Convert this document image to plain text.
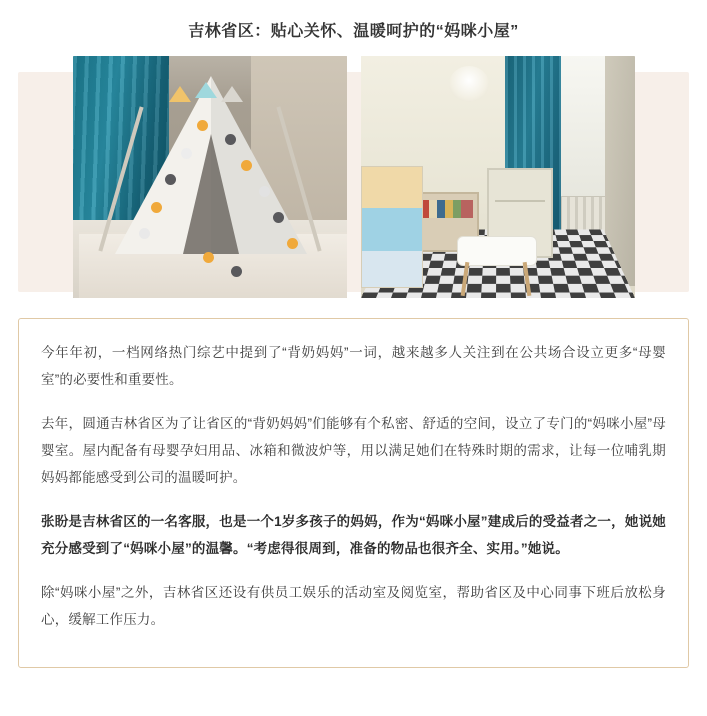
吉林省区：贴心关怀、温暖呵护的“妈咪小屋”

今年年初，一档网络热门综艺中提到了“背奶妈妈”一词，越来越多人关注到在公共场合设立更多“母婴室”的必要性和重要性。

去年，圆通吉林省区为了让省区的“背奶妈妈”们能够有个私密、舒适的空间，设立了专门的“妈咪小屋”母婴室。屋内配备有母婴孕妇用品、冰箱和微波炉等，用以满足她们在特殊时期的需求，让每一位哺乳期妈妈都能感受到公司的温暖呵护。

张盼是吉林省区的一名客服，也是一个1岁多孩子的妈妈，作为“妈咪小屋”建成后的受益者之一，她说她充分感受到了“妈咪小屋”的温馨。“考虑得很周到，准备的物品也很齐全、实用。”她说。

除“妈咪小屋”之外，吉林省区还设有供员工娱乐的活动室及阅览室，帮助省区及中心同事下班后放松身心，缓解工作压力。
